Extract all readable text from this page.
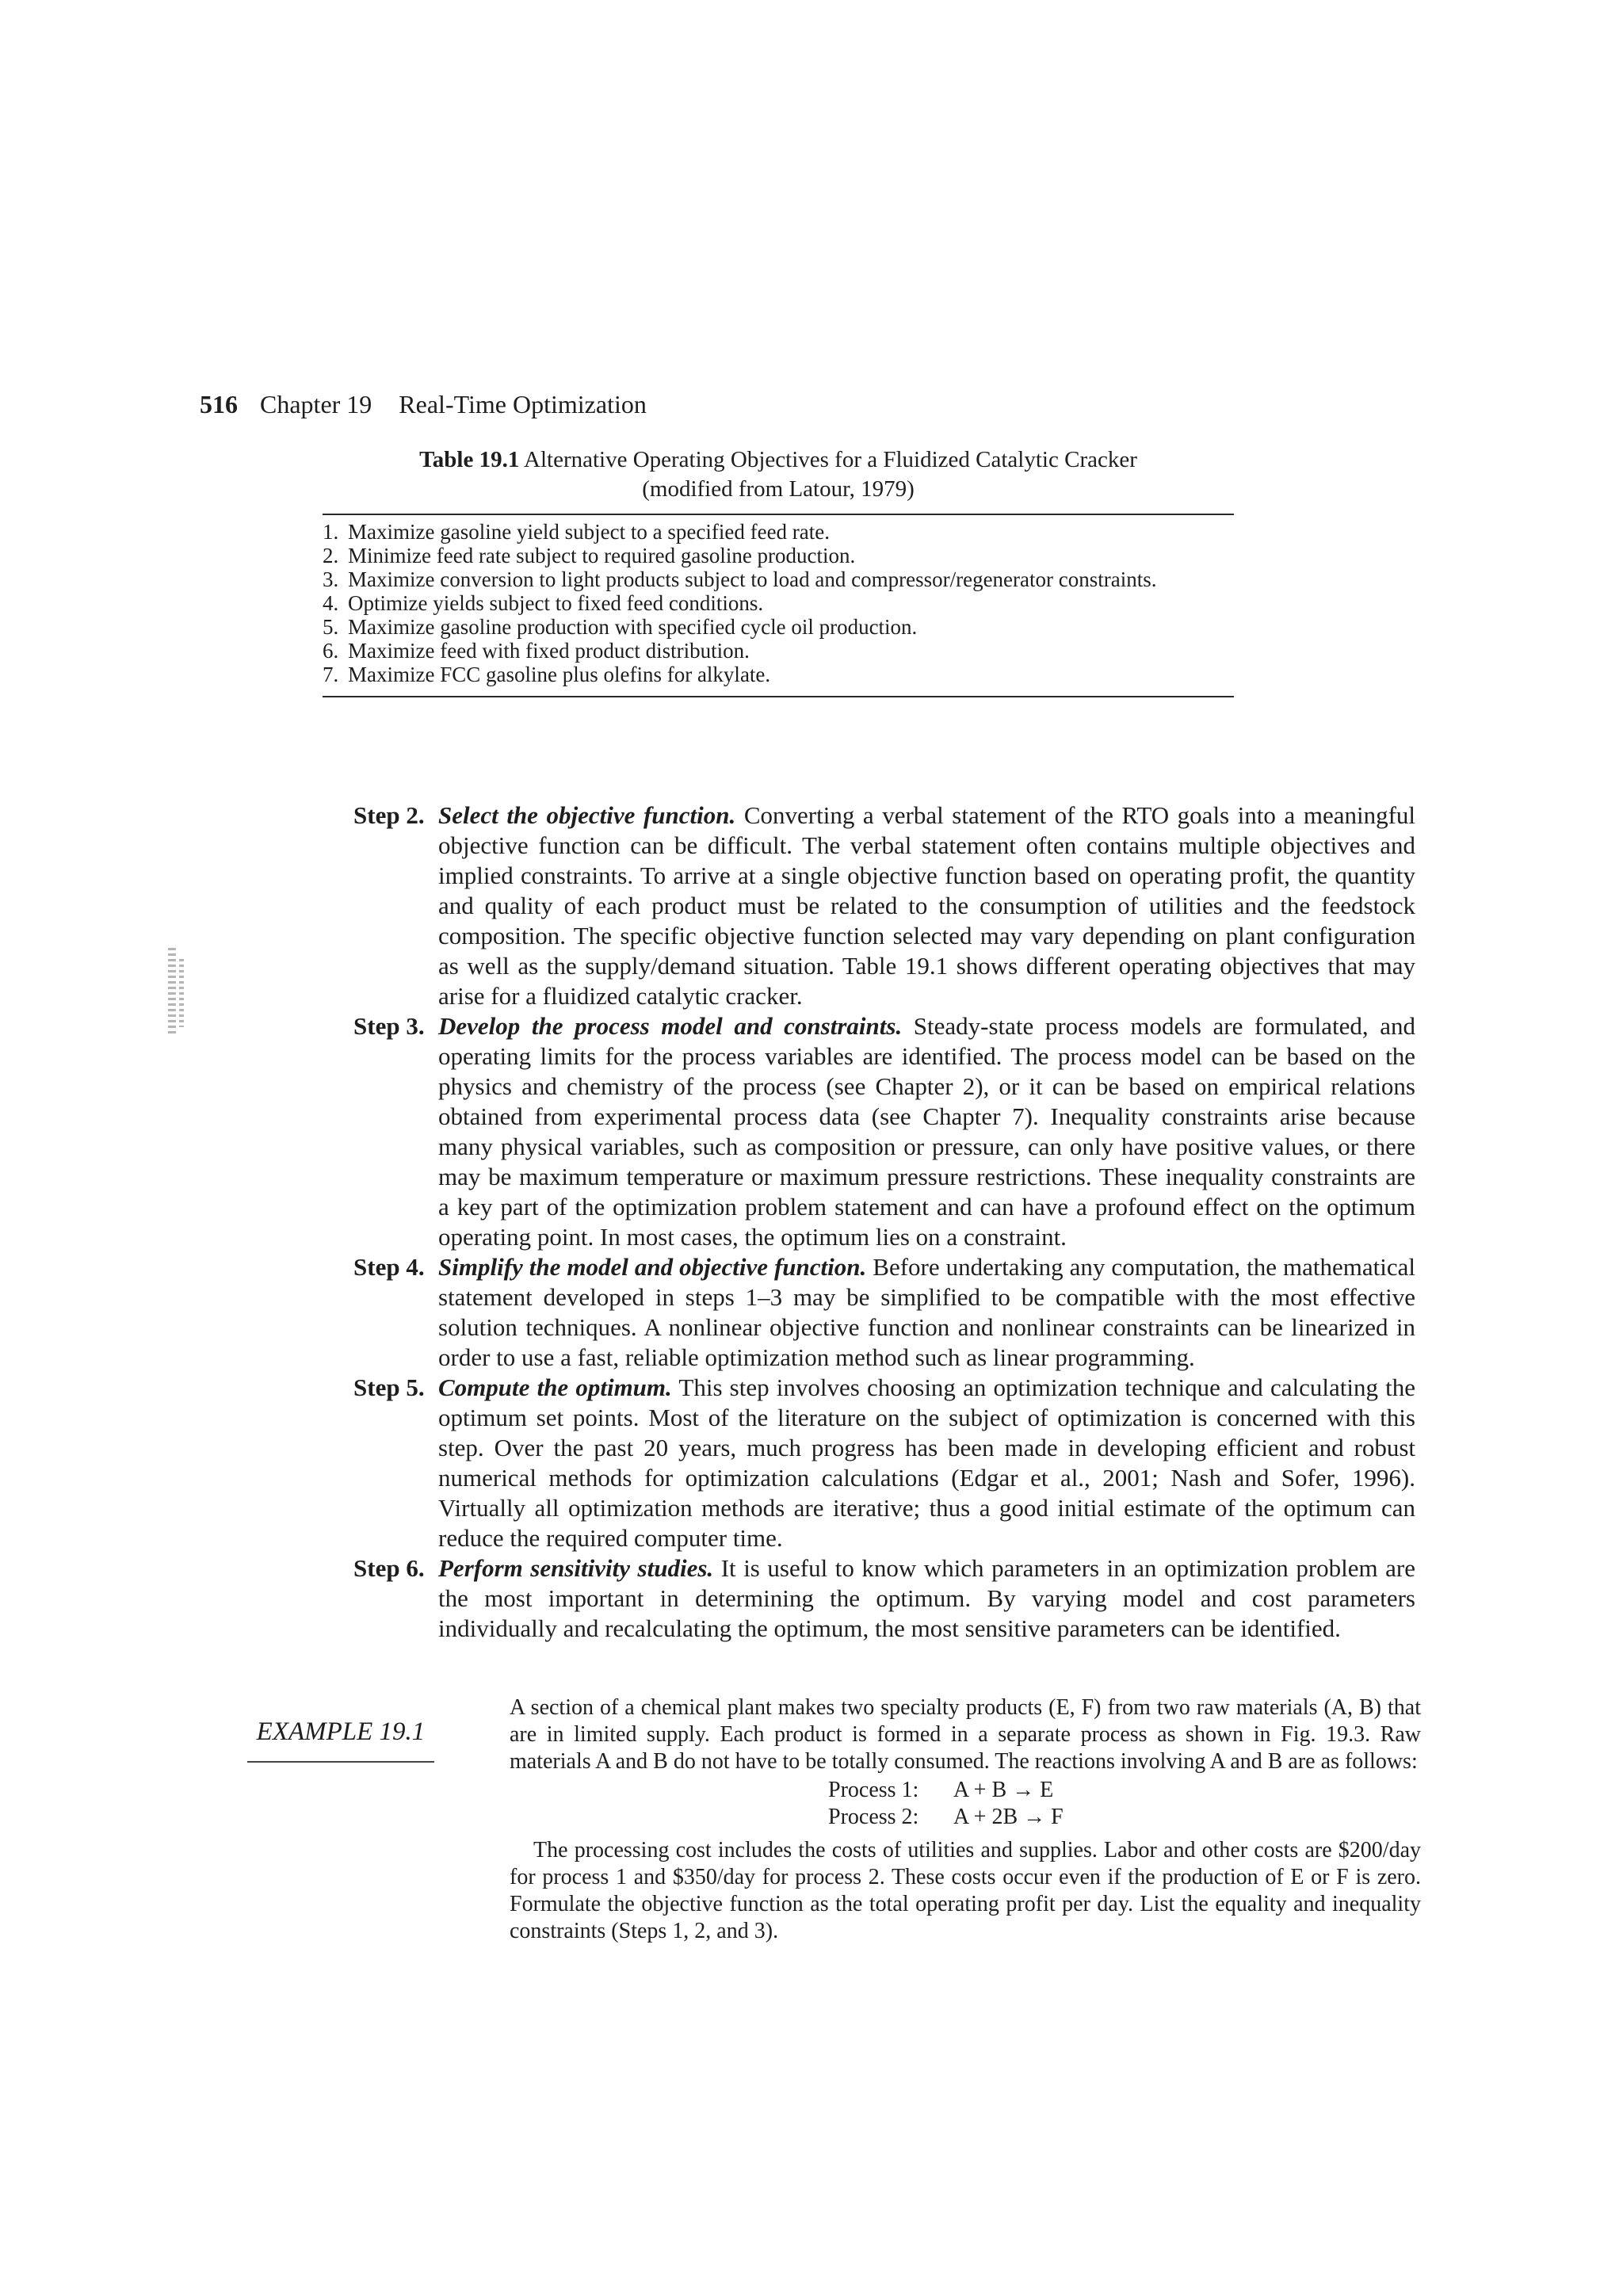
516 Chapter 19 Real-Time Optimization
Table 19.1 Alternative Operating Objectives for a Fluidized Catalytic Cracker
(modified from Latour, 1979)
1. Maximize gasoline yield subject to a specified feed rate.
2. Minimize feed rate subject to required gasoline production.
3. Maximize conversion to light products subject to load and compressor/regenerator constraints.
4. Optimize yields subject to fixed feed conditions.
5. Maximize gasoline production with specified cycle oil production.
6. Maximize feed with fixed product distribution.
7. Maximize FCC gasoline plus olefins for alkylate.
Step 2. Select the objective function. Converting a verbal statement of the RTO goals into a meaningful objective function can be difficult. The verbal statement often contains multiple objectives and implied constraints. To arrive at a single objective function based on operating profit, the quantity and quality of each product must be related to the consumption of utilities and the feedstock composition. The specific objective function selected may vary depending on plant configuration as well as the supply/demand situation. Table 19.1 shows different operating objectives that may arise for a fluidized catalytic cracker.
Step 3. Develop the process model and constraints. Steady-state process models are formulated, and operating limits for the process variables are identified. The process model can be based on the physics and chemistry of the process (see Chapter 2), or it can be based on empirical relations obtained from experimental process data (see Chapter 7). Inequality constraints arise because many physical variables, such as composition or pressure, can only have positive values, or there may be maximum temperature or maximum pressure restrictions. These inequality constraints are a key part of the optimization problem statement and can have a profound effect on the optimum operating point. In most cases, the optimum lies on a constraint.
Step 4. Simplify the model and objective function. Before undertaking any computation, the mathematical statement developed in steps 1–3 may be simplified to be compatible with the most effective solution techniques. A nonlinear objective function and nonlinear constraints can be linearized in order to use a fast, reliable optimization method such as linear programming.
Step 5. Compute the optimum. This step involves choosing an optimization technique and calculating the optimum set points. Most of the literature on the subject of optimization is concerned with this step. Over the past 20 years, much progress has been made in developing efficient and robust numerical methods for optimization calculations (Edgar et al., 2001; Nash and Sofer, 1996). Virtually all optimization methods are iterative; thus a good initial estimate of the optimum can reduce the required computer time.
Step 6. Perform sensitivity studies. It is useful to know which parameters in an optimization problem are the most important in determining the optimum. By varying model and cost parameters individually and recalculating the optimum, the most sensitive parameters can be identified.
EXAMPLE 19.1

A section of a chemical plant makes two specialty products (E, F) from two raw materials (A, B) that are in limited supply. Each product is formed in a separate process as shown in Fig. 19.3. Raw materials A and B do not have to be totally consumed. The reactions involving A and B are as follows:

Process 1:	A + B → E
Process 2:	A + 2B → F

The processing cost includes the costs of utilities and supplies. Labor and other costs are $200/day for process 1 and $350/day for process 2. These costs occur even if the production of E or F is zero. Formulate the objective function as the total operating profit per day. List the equality and inequality constraints (Steps 1, 2, and 3).
